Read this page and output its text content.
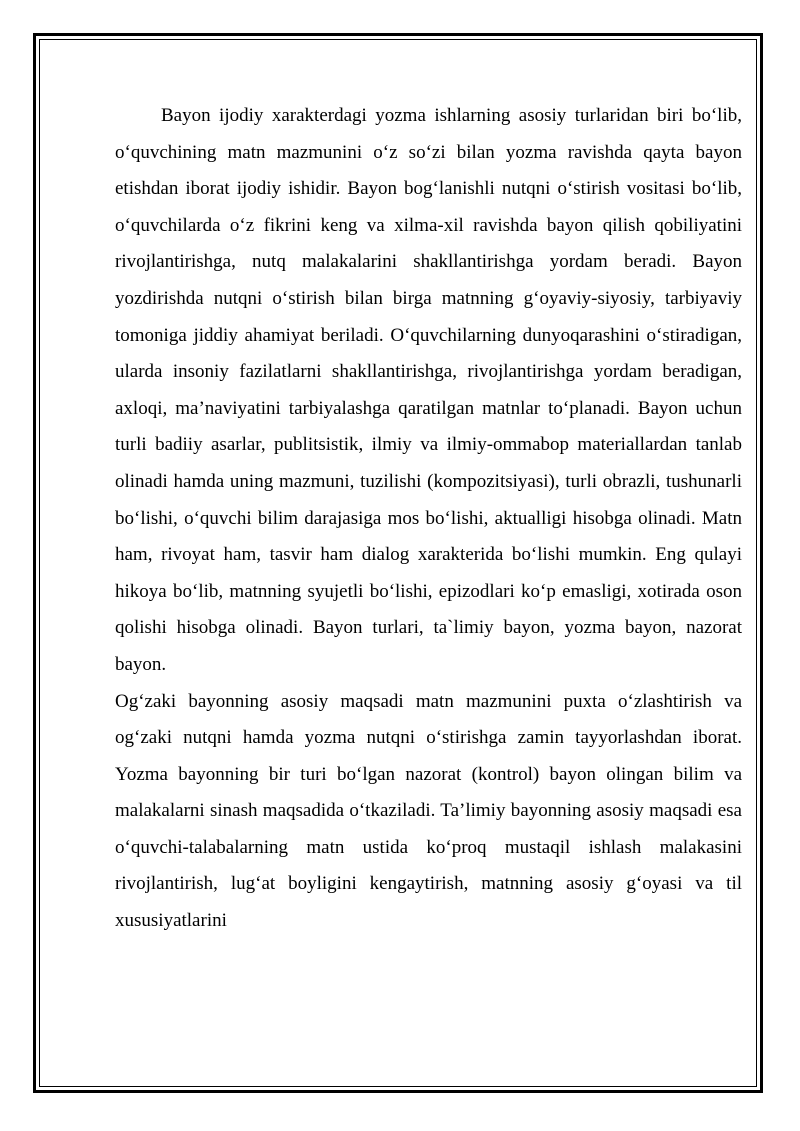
Bayon ijodiy xarakterdagi yozma ishlarning asosiy turlaridan biri bo‘lib, o‘quvchining matn mazmunini o‘z so‘zi bilan yozma ravishda qayta bayon etishdan iborat ijodiy ishidir. Bayon bog‘lanishli nutqni o‘stirish vositasi bo‘lib, o‘quvchilarda o‘z fikrini keng va xilma-xil ravishda bayon qilish qobiliyatini rivojlantirishga, nutq malakalarini shakllantirishga yordam beradi. Bayon yozdirishda nutqni o‘stirish bilan birga matnning g‘oyaviy-siyosiy, tarbiyaviy tomoniga jiddiy ahamiyat beriladi. O‘quvchilarning dunyoqarashini o‘stiradigan, ularda insoniy fazilatlarni shakllantirishga, rivojlantirishga yordam beradigan, axloqi, ma’naviyatini tarbiyalashga qaratilgan matnlar to‘planadi. Bayon uchun turli badiiy asarlar, publitsistik, ilmiy va ilmiy-ommabop materiallardan tanlab olinadi hamda uning mazmuni, tuzilishi (kompozitsiyasi), turli obrazli, tushunarli bo‘lishi, o‘quvchi bilim darajasiga mos bo‘lishi, aktualligi hisobga olinadi. Matn ham, rivoyat ham, tasvir ham dialog xarakterida bo‘lishi mumkin. Eng qulayi hikoya bo‘lib, matnning syujetli bo‘lishi, epizodlari ko‘p emasligi, xotirada oson qolishi hisobga olinadi. Bayon turlari, ta`limiy bayon, yozma bayon, nazorat bayon.

Og‘zaki bayonning asosiy maqsadi matn mazmunini puxta o‘zlashtirish va og‘zaki nutqni hamda yozma nutqni o‘stirishga zamin tayyorlashdan iborat. Yozma bayonning bir turi bo‘lgan nazorat (kontrol) bayon olingan bilim va malakalarni sinash maqsadida o‘tkaziladi. Ta’limiy bayonning asosiy maqsadi esa o‘quvchi-talabalarning matn ustida ko‘proq mustaqil ishlash malakasini rivojlantirish, lug‘at boyligini kengaytirish, matnning asosiy g‘oyasi va til xususiyatlarini
